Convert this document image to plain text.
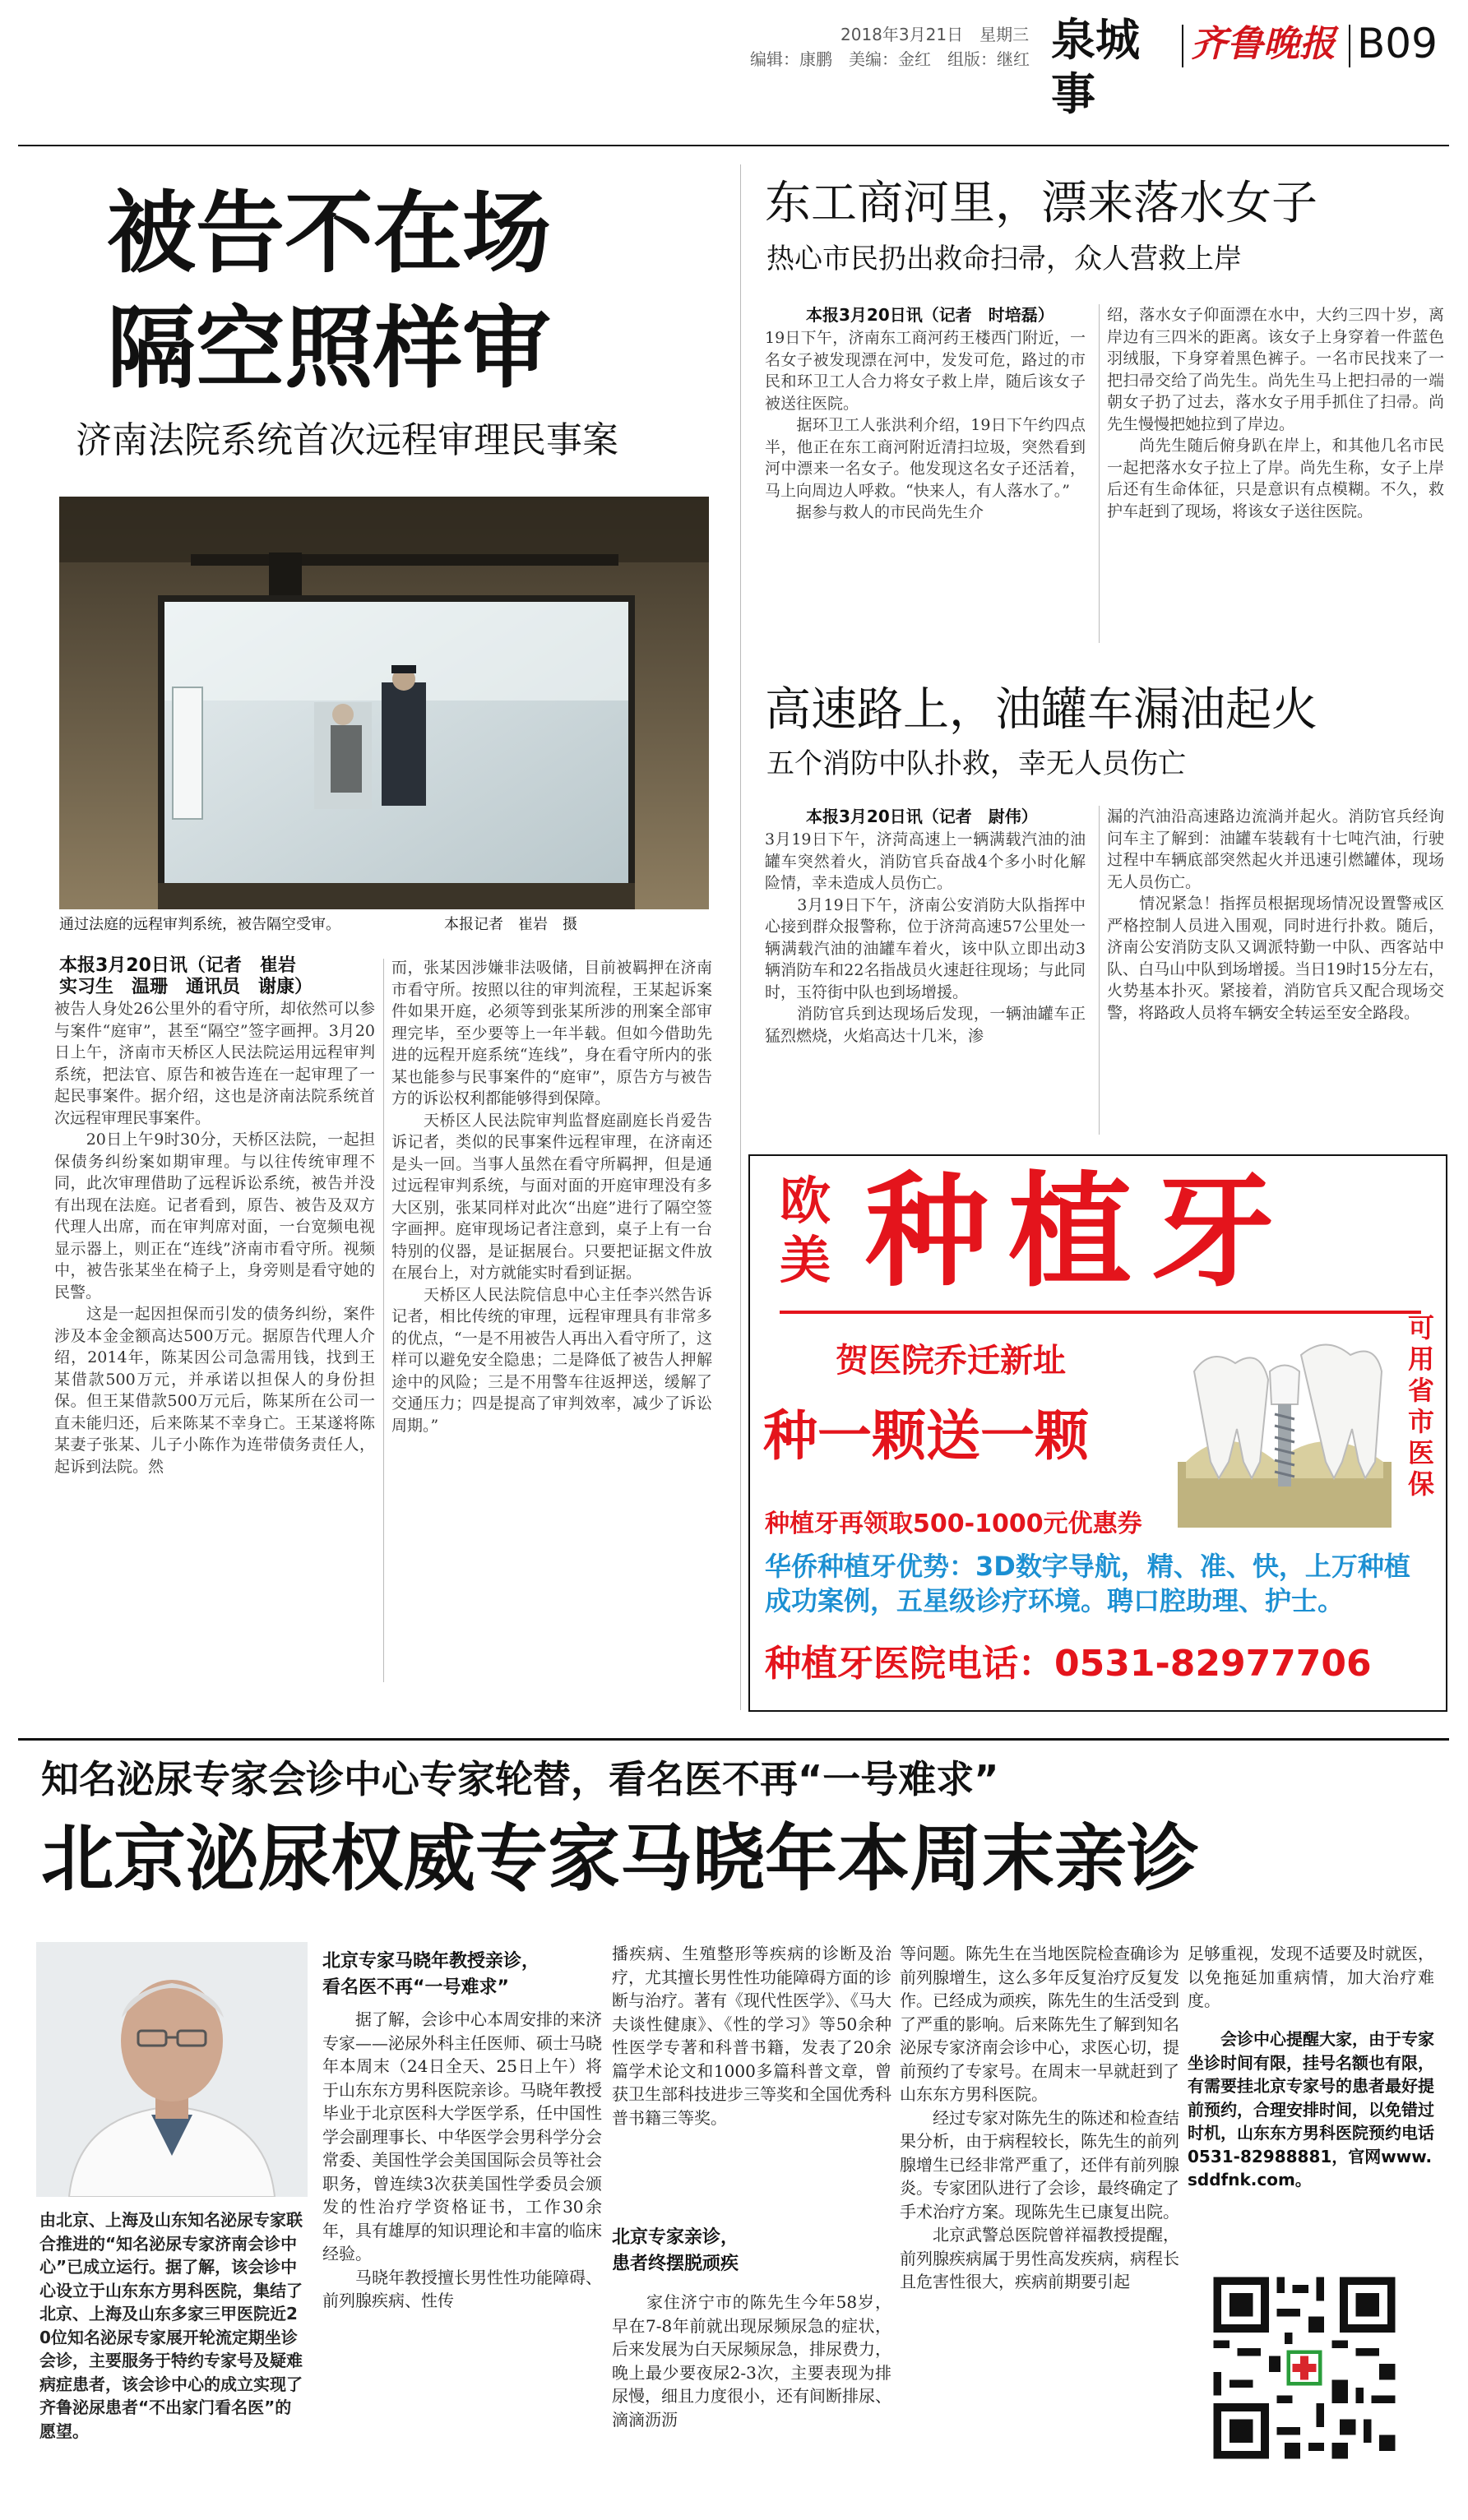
2018年3月21日　星期三
编辑：康鹏　美编：金红　组版：继红 泉城事
齐鲁晚报 B09
被告不在场
隔空照样审
济南法院系统首次远程审理民事案
通过法庭的远程审判系统，被告隔空受审。	本报记者　崔岩　摄
本报3月20日讯（记者　崔岩
实习生　温珊　通讯员　谢康）
被告人身处26公里外的看守所，却依然可以参与案件“庭审”，甚至“隔空”签字画押。3月20日上午，济南市天桥区人民法院运用远程审判系统，把法官、原告和被告连在一起审理了一起民事案件。据介绍，这也是济南法院系统首次远程审理民事案件。
　　20日上午9时30分，天桥区法院，一起担保债务纠纷案如期审理。与以往传统审理不同，此次审理借助了远程诉讼系统，被告并没有出现在法庭。记者看到，原告、被告及双方代理人出席，而在审判席对面，一台宽频电视显示器上，则正在“连线”济南市看守所。视频中，被告张某坐在椅子上，身旁则是看守她的民警。
　　这是一起因担保而引发的债务纠纷，案件涉及本金金额高达500万元。据原告代理人介绍，2014年，陈某因公司急需用钱，找到王某借款500万元，并承诺以担保人的身份担保。但王某借款500万元后，陈某所在公司一直未能归还，后来陈某不幸身亡。王某遂将陈某妻子张某、儿子小陈作为连带债务责任人，起诉到法院。然
而，张某因涉嫌非法吸储，目前被羁押在济南市看守所。按照以往的审判流程，王某起诉案件如果开庭，必须等到张某所涉的刑案全部审理完毕，至少要等上一年半载。但如今借助先进的远程开庭系统“连线”，身在看守所内的张某也能参与民事案件的“庭审”，原告方与被告方的诉讼权利都能够得到保障。
　　天桥区人民法院审判监督庭副庭长肖爱告诉记者，类似的民事案件远程审理，在济南还是头一回。当事人虽然在看守所羁押，但是通过远程审判系统，与面对面的开庭审理没有多大区别，张某同样对此次“出庭”进行了隔空签字画押。庭审现场记者注意到，桌子上有一台特别的仪器，是证据展台。只要把证据文件放在展台上，对方就能实时看到证据。
　　天桥区人民法院信息中心主任李兴然告诉记者，相比传统的审理，远程审理具有非常多的优点，“一是不用被告人再出入看守所了，这样可以避免安全隐患；二是降低了被告人押解途中的风险；三是不用警车往返押送，缓解了交通压力；四是提高了审判效率，减少了诉讼周期。”
东工商河里，漂来落水女子
热心市民扔出救命扫帚，众人营救上岸
本报3月20日讯（记者　时培磊）
19日下午，济南东工商河药王楼西门附近，一名女子被发现漂在河中，发发可危，路过的市民和环卫工人合力将女子救上岸，随后该女子被送往医院。
　　据环卫工人张洪利介绍，19日下午约四点半，他正在东工商河附近清扫垃圾，突然看到河中漂来一名女子。他发现这名女子还活着，马上向周边人呼救。“快来人，有人落水了。”
　　据参与救人的市民尚先生介
绍，落水女子仰面漂在水中，大约三四十岁，离岸边有三四米的距离。该女子上身穿着一件蓝色羽绒服，下身穿着黑色裤子。一名市民找来了一把扫帚交给了尚先生。尚先生马上把扫帚的一端朝女子扔了过去，落水女子用手抓住了扫帚。尚先生慢慢把她拉到了岸边。
　　尚先生随后俯身趴在岸上，和其他几名市民一起把落水女子拉上了岸。尚先生称，女子上岸后还有生命体征，只是意识有点模糊。不久，救护车赶到了现场，将该女子送往医院。
高速路上，油罐车漏油起火
五个消防中队扑救，幸无人员伤亡
本报3月20日讯（记者　尉伟）
3月19日下午，济菏高速上一辆满载汽油的油罐车突然着火，消防官兵奋战4个多小时化解险情，幸未造成人员伤亡。
　　3月19日下午，济南公安消防大队指挥中心接到群众报警称，位于济菏高速57公里处一辆满载汽油的油罐车着火，该中队立即出动3辆消防车和22名指战员火速赶往现场；与此同时，玉符街中队也到场增援。
　　消防官兵到达现场后发现，一辆油罐车正猛烈燃烧，火焰高达十几米，渗
漏的汽油沿高速路边流淌并起火。消防官兵经询问车主了解到：油罐车装载有十七吨汽油，行驶过程中车辆底部突然起火并迅速引燃罐体，现场无人员伤亡。
　　情况紧急！指挥员根据现场情况设置警戒区严格控制人员进入围观，同时进行扑救。随后，济南公安消防支队又调派特勤一中队、西客站中队、白马山中队到场增援。当日19时15分左右，火势基本扑灭。紧接着，消防官兵又配合现场交警，将路政人员将车辆安全转运至安全路段。
欧
美 种植牙
贺医院乔迁新址
种一颗送一颗
可用省市医保
种植牙再领取500-1000元优惠券
华侨种植牙优势：3D数字导航，精、准、快，上万种植成功案例，五星级诊疗环境。聘口腔助理、护士。
种植牙医院电话：0531-82977706
知名泌尿专家会诊中心专家轮替，看名医不再“一号难求”
北京泌尿权威专家马晓年本周末亲诊
由北京、上海及山东知名泌尿专家联合推进的“知名泌尿专家济南会诊中心”已成立运行。据了解，该会诊中心设立于山东东方男科医院，集结了北京、上海及山东多家三甲医院近20位知名泌尿专家展开轮流定期坐诊会诊，主要服务于特约专家号及疑难病症患者，该会诊中心的成立实现了齐鲁泌尿患者“不出家门看名医”的愿望。
北京专家马晓年教授亲诊，
看名医不再“一号难求”
　　据了解，会诊中心本周安排的来济专家——泌尿外科主任医师、硕士马晓年本周末（24日全天、25日上午）将于山东东方男科医院亲诊。马晓年教授毕业于北京医科大学医学系，任中国性学会副理事长、中华医学会男科学分会常委、美国性学会美国国际会员等社会职务，曾连续3次获美国性学委员会颁发的性治疗学资格证书，工作30余年，具有雄厚的知识理论和丰富的临床经验。
　　马晓年教授擅长男性性功能障碍、前列腺疾病、性传
播疾病、生殖整形等疾病的诊断及治疗，尤其擅长男性性功能障碍方面的诊断与治疗。著有《现代性医学》、《马大夫谈性健康》、《性的学习》等50余种性医学专著和科普书籍，发表了20余篇学术论文和1000多篇科普文章，曾获卫生部科技进步三等奖和全国优秀科普书籍三等奖。
北京专家亲诊，
患者终摆脱顽疾
　　家住济宁市的陈先生今年58岁，早在7-8年前就出现尿频尿急的症状，后来发展为白天尿频尿急，排尿费力，晚上最少要夜尿2-3次，主要表现为排尿慢，细且力度很小，还有间断排尿、滴滴沥沥
等问题。陈先生在当地医院检查确诊为前列腺增生，这么多年反复治疗反复发作。已经成为顽疾，陈先生的生活受到了严重的影响。后来陈先生了解到知名泌尿专家济南会诊中心，求医心切，提前预约了专家号。在周末一早就赶到了山东东方男科医院。
　　经过专家对陈先生的陈述和检查结果分析，由于病程较长，陈先生的前列腺增生已经非常严重了，还伴有前列腺炎。专家团队进行了会诊，最终确定了手术治疗方案。现陈先生已康复出院。
　　北京武警总医院曾祥福教授提醒，前列腺疾病属于男性高发疾病，病程长且危害性很大，疾病前期要引起
足够重视，发现不适要及时就医，以免拖延加重病情，加大治疗难度。
　　会诊中心提醒大家，由于专家坐诊时间有限，挂号名额也有限，有需要挂北京专家号的患者最好提前预约，合理安排时间，以免错过时机，山东东方男科医院预约电话0531-82988881，官网www.sddfnk.com。
